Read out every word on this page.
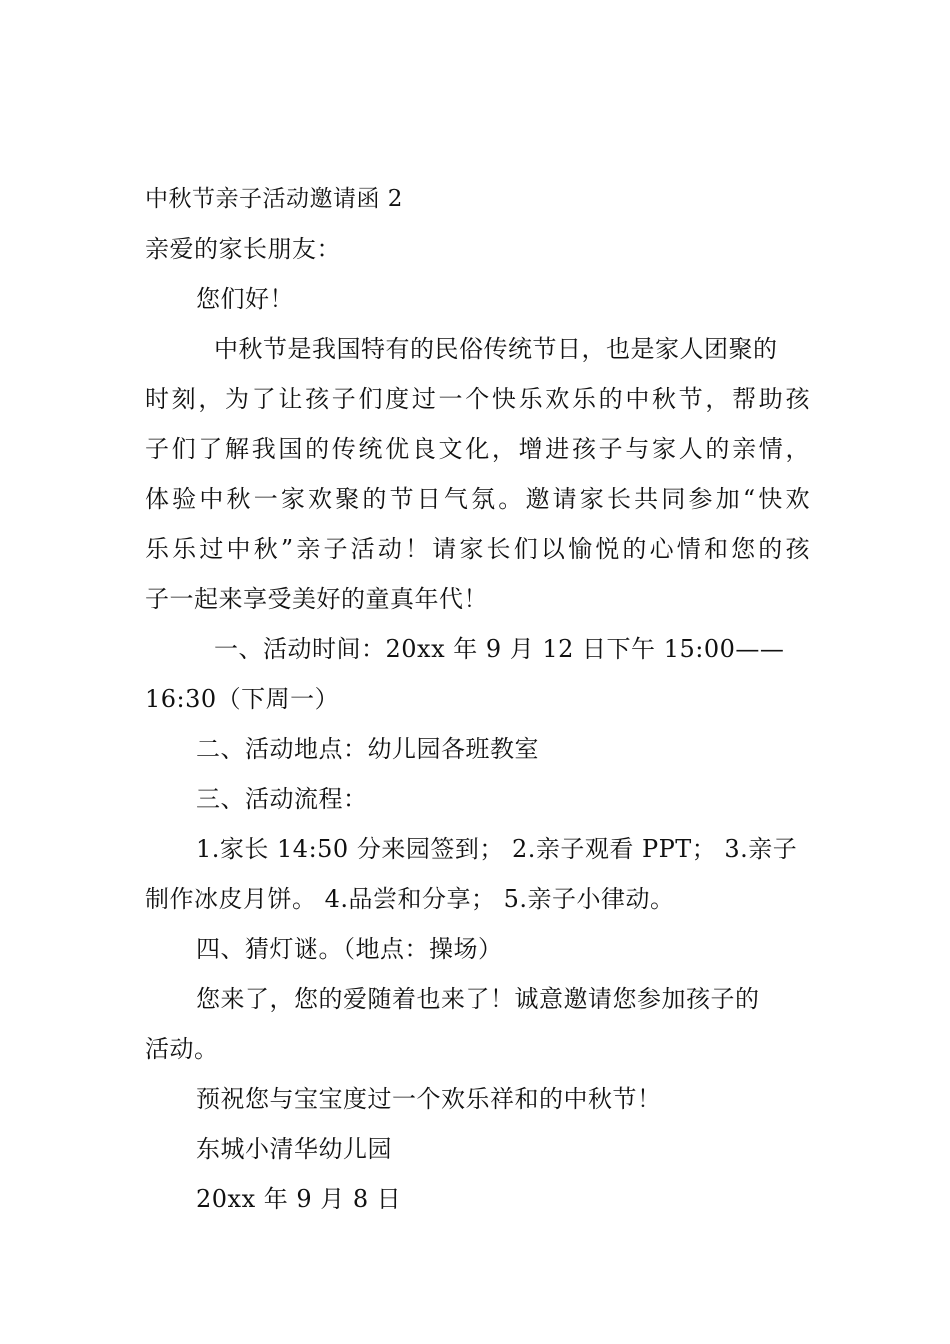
中秋节亲子活动邀请函 2
亲爱的家长朋友：
您们好！
中秋节是我国特有的民俗传统节日，也是家人团聚的
时刻，为了让孩子们度过一个快乐欢乐的中秋节，帮助孩
子们了解我国的传统优良文化，增进孩子与家人的亲情，
体验中秋一家欢聚的节日气氛。邀请家长共同参加“快欢
乐乐过中秋”亲子活动！请家长们以愉悦的心情和您的孩
子一起来享受美好的童真年代！
一、活动时间：20xx 年 9 月 12 日下午 15:00——
16:30（下周一）
二、活动地点：幼儿园各班教室
三、活动流程：
1.家长 14:50 分来园签到； 2.亲子观看 PPT； 3.亲子
制作冰皮月饼。 4.品尝和分享； 5.亲子小律动。
四、猜灯谜。（地点：操场）
您来了，您的爱随着也来了！诚意邀请您参加孩子的
活动。
预祝您与宝宝度过一个欢乐祥和的中秋节！
东城小清华幼儿园
20xx 年 9 月 8 日
